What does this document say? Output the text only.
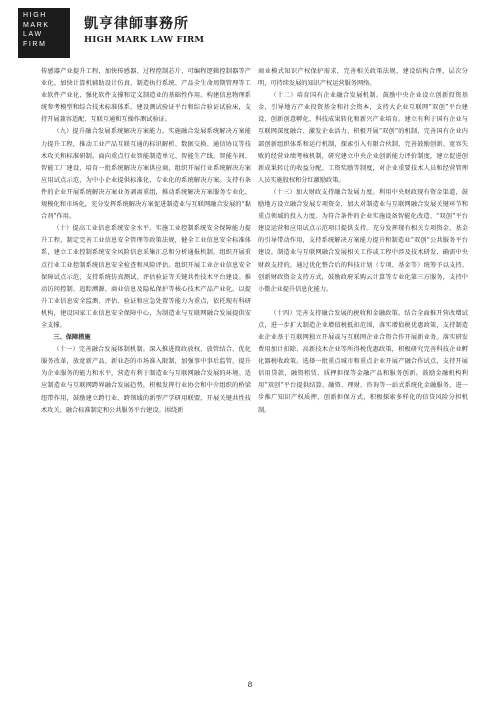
HIGH
MARK
LAW
FIRM
凱亨律師事務所
HIGH MARK LAW FIRM

传感器产业提升工程，加快传感器、过程控制芯片、可编程逻辑控制器等产业化。加快计算机辅助设计仿真、制造执行系统、产品全生命周期管理等工业软件产业化，强化软件支撑和定义制造业的基础性作用。构建信息物理系统参考模型和综合技术标准体系，建设测试验证平台和综合验证试验床，支持开展兼容适配、互联互通和互操作测试验证。

（九）提升融合发展系统解决方案能力。实施融合发展系统解决方案能力提升工程，推动工业产品互联互通的标识解析、数据交换、通信协议等技术攻关和标准研制。面向重点行业智能制造单元、智能生产线、智能车间、智能工厂建设，培育一批系统解决方案供应商，组织开展行业系统解决方案应用试点示范，为中小企业提供标准化、专业化的系统解决方案。支持有条件的企业开展系统解决方案业务剥离重组，推动系统解决方案服务专业化、规模化和市场化，充分发挥系统解决方案促进制造业与互联网融合发展的“黏合剂”作用。

（十）提高工业信息系统安全水平。实施工业控制系统安全保障能力提升工程，制定完善工业信息安全管理等政策法规，健全工业信息安全标准体系，建立工业控制系统安全风险信息采集汇总和分析通报机制，组织开展重点行业工业控制系统信息安全检查和风险评估。组织开展工业企业信息安全保障试点示范，支持系统仿真测试、评估验证等关键共性技术平台建设。推动访问控制、追踪溯源、商业信息及隐私保护等核心技术产品产业化。以提升工业信息安全监测、评估、验证和应急处置等能力为重点，依托现有科研机构，建设国家工业信息安全保障中心，为制造业与互联网融合发展提供安全支撑。

三、保障措施

（十一）完善融合发展体制机制。深入推进简政放权、放管结合、优化服务改革，放宽新产品、新业态的市场准入限制，加强事中事后监管，提升为企业服务的能力和水平，营造有利于制造业与互联网融合发展的环境。适应制造业与互联网跨界融合发展趋势，积极发挥行业协会和中介组织的桥梁纽带作用，鼓励建立跨行业、跨领域的新型产学研用联盟，开展关键共性技术攻关、融合标准制定和公共服务平台建设。围绕新

商业模式知识产权保护需求，完善相关政策法规，建设结构合理、层次分明、可持续发展的知识产权运营服务网络。

（十二）培育国有企业融合发展机制。鼓励中央企业设立创新投资基金，引导地方产业投资基金和社会资本，支持大企业互联网“双创”平台建设、创新创意孵化、科技成果转化和新兴产业培育。建立有利于国有企业与互联网深度融合、激发企业活力、积极开展“双创”的机制，完善国有企业内部创新组织体系和运行机制，探索引入有限合伙制，完善鼓励创新、宽容失败的经营业绩考核机制，研究建立中央企业创新能力评价制度，建立促进创新成果转让的收益分配、工资奖励等制度，对企业重要技术人员和经营管理人员实施股权和分红激励政策。

（十三）加大财政支持融合发展力度。利用中央财政现有资金渠道，鼓励地方设立融合发展专项资金，加大对制造业与互联网融合发展关键环节和重点领域的投入力度。为符合条件的企业实施设备智能化改造、“双创”平台建设运营和应用试点示范项目提供支持。充分发挥现有相关专项资金、基金的引导带动作用，支持系统解决方案能力提升和制造业“双创”公共服务平台建设。制造业与互联网融合发展相关工作或工程中涉及技术研发、确需中央财政支持的，通过优化整合后的科技计划（专项、基金等）统筹予以支持。创新财政资金支持方式，鼓励政府采购云计算等专业化第三方服务，支持中小微企业提升信息化能力。

（十四）完善支持融合发展的税收和金融政策。结合全面推开营改增试点，进一步扩大制造企业增值税抵扣范围，落实增值税优惠政策，支持制造业企业基于互联网独立开展或与互联网企业合资合作开展新业务。落实研发费用加计扣除、高新技术企业等所得税优惠政策，积极研究完善科技企业孵化器税收政策。选择一批重点城市和重点企业开展产融合作试点，支持开展信用贷款、融资租赁、质押担保等金融产品和服务创新。鼓励金融机构利用“双创”平台提供结算、融资、理财、咨询等一站式系统化金融服务，进一步推广知识产权质押，创新担保方式，积极探索多样化的信贷风险分担机制。

8
